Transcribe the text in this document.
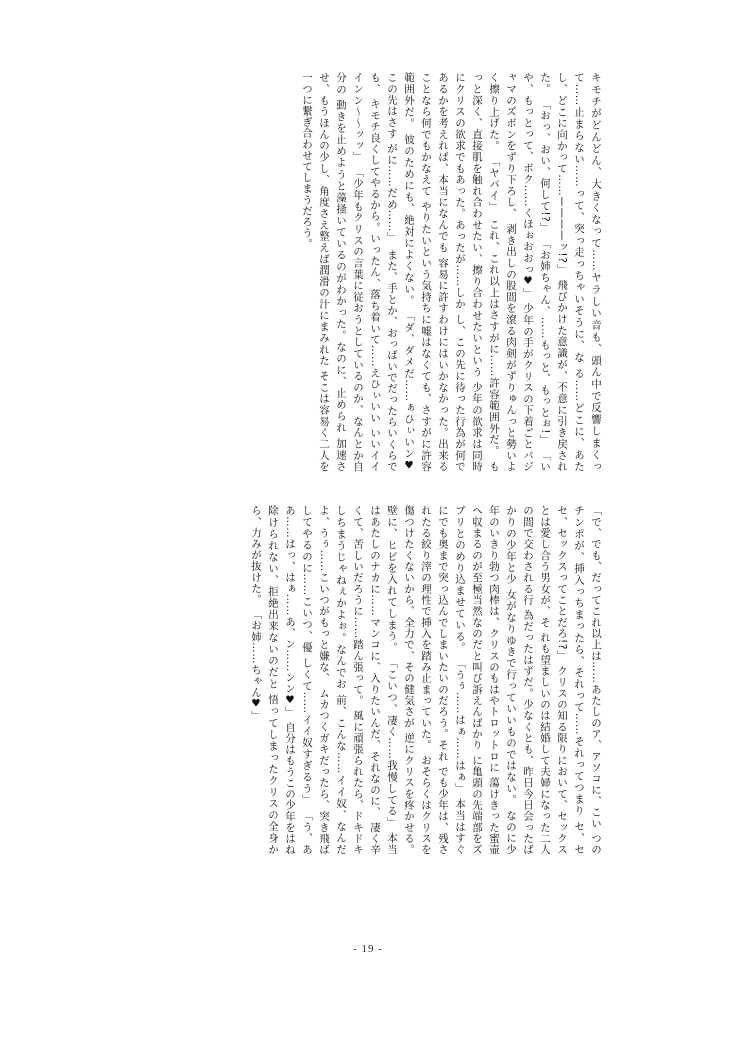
キモチがどんどん、大きくなって……ヤラしい音も、頭ん中で反響しまくって……止まらない……って、突っ走っちゃいそうに、な る……どこに、あたし、どこに向かって……————ッ!?」 飛びかけた意識が、不意に引き戻された。 「おっ、おい、何して!?」 「お姉ちゃん、……もっと、もっとぉ!」 「いや、もっとって、ボク……くほぉおおっ♥」 少年の手がクリスの下着ごとパジャマのズボンをずり下ろし、 剥き出しの股間を滾る肉剣がずりゅんっと勢いよく擦り上げた。 「ヤバイ」　これ、これ以上はさすがに……許容範囲外だ。 もっと深く、直接肌を触れ合わせたい、擦り合わせたいという 少年の欲求は同時にクリスの欲求でもあった。あったが……しか し、この先に待った行為が何であるかを考えれば、本当になんでも 容易に許すわけにはいかなかった。出来ることなら何でもかなえて やりたいという気持ちに嘘はなくても、さすがに許容範囲外だ。 彼のためにも、絶対によくない。 「ダ、ダメだ……ぁひぃいン♥　この先はさす がに……だめ……」　また、手とか、おっぱいでだったらいくらでも、 キモチ良くしてやるから。いったん、落ち着いて……えひぃいい いいイイインン〜〜ッッ」 「少年もクリスの言葉に従おうとしているのか、なんとか自分の 動きを止めようと藻掻いているのがわかった。なのに、止められ 加速させ、もうほんの少し、角度さえ整えば潤滑の汁にまみれた そこは容易く二人を一つに繋ぎ合わせてしまうだろう。
「で、でも、だってこれ以上は……あたしのア、アソコに、こい つのチンポが、挿入っちまったら、それって……それってつまり セ、セセ、セックスってことだろ!?」 クリスの知る限りにおいて、セックスとは愛し合う男女が、そ れも望ましいのは結婚して夫婦になった二人の間で交わされる行 為だったはずだ。少なくとも、昨日今日会ったばかりの少年と少 女がなりゆきで行っていいものではない。 なのに少年のいきり勃つ肉棒は、クリスのもはやトロットロに 蕩けきった蜜壷へ収まるのが至極当然なのだと叫び訴えんばかり に亀頭の先端部をズブリとのめり込ませている。 「うぅ……はぁ……はぁ」 本当はすぐにでも奥まで突っ込んでしまいたいのだろう。それ でも少年は、残されたる絞り滓の理性で挿入を踏み止まっていた。 おそらくはクリスを傷つけたくないから、全力で、その健気さが 逆にクリスを疼かせる。壁に、ヒビを入れてしまう。 「こいつ、凄く……我慢してる」 本当はあたしのナカに……マンコに、入りたいんだ、それなのに、 凄く辛くて、苦しいだろうに……踏ん張って。 風に頑張られたら、ドキドキしちまうじゃねぇかよぉ。なんでお 前、こんな……イイ奴、なんだよ、うぅ……こいつがもっと嫌な、 ムカつくガキだったら、突き飛ばしてやるのに……こいつ、優 しくて……イイ奴すぎるう」 「う、ああ……はっ、はぁ……あ、ン……ンン♥」 自分はもうこの少年をはね除けられない、拒絶出来ないのだと 悟ってしまったクリスの全身から、力みが抜けた。 「お姉……ちゃん♥」
- 19 -
